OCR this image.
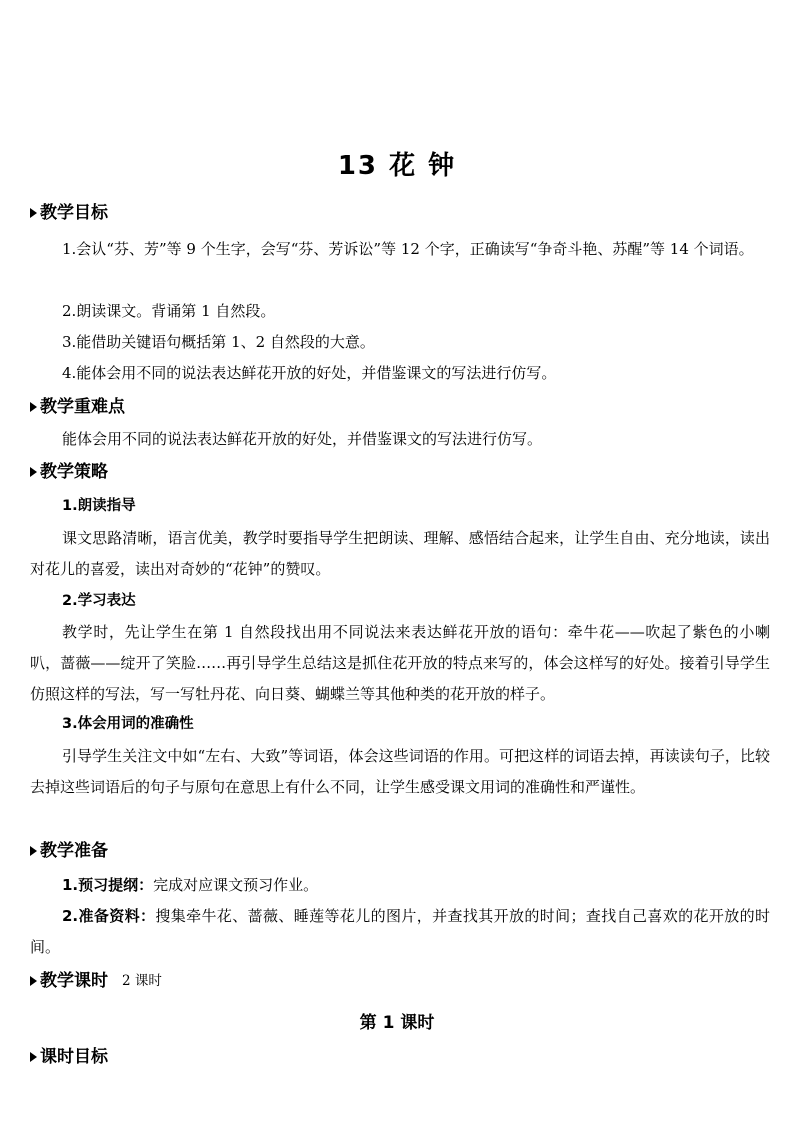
13 花 钟
教学目标
1.会认“芬、芳”等 9 个生字，会写“芬、芳诉讼”等 12 个字，正确读写“争奇斗艳、苏醒”等 14 个词语。
2.朗读课文。背诵第 1 自然段。
3.能借助关键语句概括第 1、2 自然段的大意。
4.能体会用不同的说法表达鲜花开放的好处，并借鉴课文的写法进行仿写。
教学重难点
能体会用不同的说法表达鲜花开放的好处，并借鉴课文的写法进行仿写。
教学策略
1.朗读指导
课文思路清晰，语言优美，教学时要指导学生把朗读、理解、感悟结合起来，让学生自由、充分地读，读出对花儿的喜爱，读出对奇妙的“花钟”的赞叹。
2.学习表达
教学时，先让学生在第 1 自然段找出用不同说法来表达鲜花开放的语句：牵牛花——吹起了紫色的小喇叭，蔷薇——绽开了笑脸……再引导学生总结这是抓住花开放的特点来写的，体会这样写的好处。接着引导学生仿照这样的写法，写一写牡丹花、向日葵、蝴蝶兰等其他种类的花开放的样子。
3.体会用词的准确性
引导学生关注文中如“左右、大致”等词语，体会这些词语的作用。可把这样的词语去掉，再读读句子，比较去掉这些词语后的句子与原句在意思上有什么不同，让学生感受课文用词的准确性和严谨性。
教学准备
1.预习提纲：完成对应课文预习作业。
2.准备资料：搜集牵牛花、蔷薇、睡莲等花儿的图片，并查找其开放的时间；查找自己喜欢的花开放的时间。
教学课时 2 课时
第 1 课时
课时目标
